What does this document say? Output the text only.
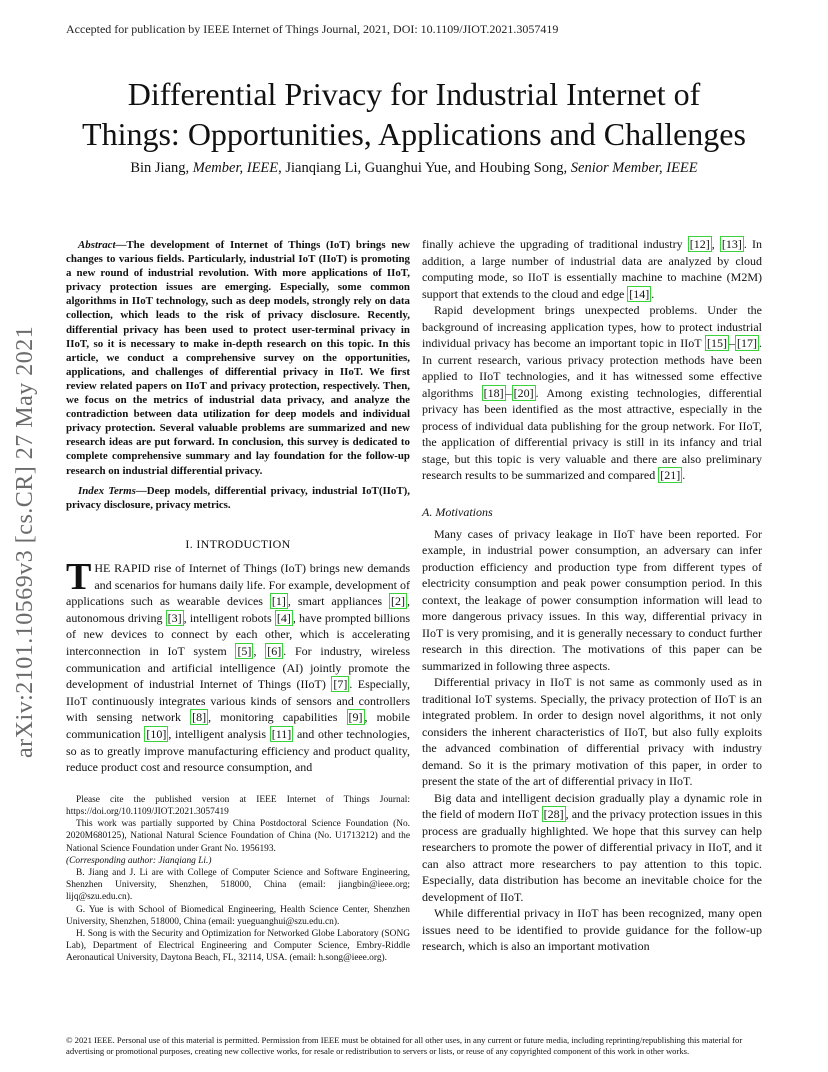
Accepted for publication by IEEE Internet of Things Journal, 2021, DOI: 10.1109/JIOT.2021.3057419
arXiv:2101.10569v3 [cs.CR] 27 May 2021
Differential Privacy for Industrial Internet of
Things: Opportunities, Applications and Challenges
Bin Jiang, Member, IEEE, Jianqiang Li, Guanghui Yue, and Houbing Song, Senior Member, IEEE

Abstract—The development of Internet of Things (IoT) brings new changes to various fields. Particularly, industrial IoT (IIoT) is promoting a new round of industrial revolution. With more applications of IIoT, privacy protection issues are emerging. Especially, some common algorithms in IIoT technology, such as deep models, strongly rely on data collection, which leads to the risk of privacy disclosure. Recently, differential privacy has been used to protect user-terminal privacy in IIoT, so it is necessary to make in-depth research on this topic. In this article, we conduct a comprehensive survey on the opportunities, applications, and challenges of differential privacy in IIoT. We first review related papers on IIoT and privacy protection, respectively. Then, we focus on the metrics of industrial data privacy, and analyze the contradiction between data utilization for deep models and individual privacy protection. Several valuable problems are summarized and new research ideas are put forward. In conclusion, this survey is dedicated to complete comprehensive summary and lay foundation for the follow-up research on industrial differential privacy.

Index Terms—Deep models, differential privacy, industrial IoT(IIoT), privacy disclosure, privacy metrics.

I. INTRODUCTION

THE RAPID rise of Internet of Things (IoT) brings new demands and scenarios for humans daily life. For example, development of applications such as wearable devices [1] , smart appliances [2] , autonomous driving [3] , intelligent robots [4] , have prompted billions of new devices to connect by each other, which is accelerating interconnection in IoT system [5] , [6] . For industry, wireless communication and artificial intelligence (AI) jointly promote the development of industrial Internet of Things (IIoT) [7] . Especially, IIoT continuously integrates various kinds of sensors and controllers with sensing network [8] , monitoring capabilities [9] , mobile communication [10] , intelligent analysis [11] and other technologies, so as to greatly improve manufacturing efficiency and product quality, reduce product cost and resource consumption, and

Please cite the published version at IEEE Internet of Things Journal: https://doi.org/10.1109/JIOT.2021.3057419

This work was partially supported by China Postdoctoral Science Foundation (No. 2020M680125), National Natural Science Foundation of China (No. U1713212) and the National Science Foundation under Grant No. 1956193.
(Corresponding author: Jianqiang Li.)

B. Jiang and J. Li are with College of Computer Science and Software Engineering, Shenzhen University, Shenzhen, 518000, China (email: jiangbin@ieee.org; lijq@szu.edu.cn).

G. Yue is with School of Biomedical Engineering, Health Science Center, Shenzhen University, Shenzhen, 518000, China (email: yueguanghui@szu.edu.cn).

H. Song is with the Security and Optimization for Networked Globe Laboratory (SONG Lab), Department of Electrical Engineering and Computer Science, Embry-Riddle Aeronautical University, Daytona Beach, FL, 32114, USA. (email: h.song@ieee.org).

finally achieve the upgrading of traditional industry [12] , [13] . In addition, a large number of industrial data are analyzed by cloud computing mode, so IIoT is essentially machine to machine (M2M) support that extends to the cloud and edge [14] .

Rapid development brings unexpected problems. Under the background of increasing application types, how to protect industrial individual privacy has become an important topic in IIoT [15] – [17] . In current research, various privacy protection methods have been applied to IIoT technologies, and it has witnessed some effective algorithms [18] – [20] . Among existing technologies, differential privacy has been identified as the most attractive, especially in the process of individual data publishing for the group network. For IIoT, the application of differential privacy is still in its infancy and trial stage, but this topic is very valuable and there are also preliminary research results to be summarized and compared [21] .

A. Motivations

Many cases of privacy leakage in IIoT have been reported. For example, in industrial power consumption, an adversary can infer production efficiency and production type from different types of electricity consumption and peak power consumption period. In this context, the leakage of power consumption information will lead to more dangerous privacy issues. In this way, differential privacy in IIoT is very promising, and it is generally necessary to conduct further research in this direction. The motivations of this paper can be summarized in following three aspects.

Differential privacy in IIoT is not same as commonly used as in traditional IoT systems. Specially, the privacy protection of IIoT is an integrated problem. In order to design novel algorithms, it not only considers the inherent characteristics of IIoT, but also fully exploits the advanced combination of differential privacy with industry demand. So it is the primary motivation of this paper, in order to present the state of the art of differential privacy in IIoT.

Big data and intelligent decision gradually play a dynamic role in the field of modern IIoT [28] , and the privacy protection issues in this process are gradually highlighted. We hope that this survey can help researchers to promote the power of differential privacy in IIoT, and it can also attract more researchers to pay attention to this topic. Especially, data distribution has become an inevitable choice for the development of IIoT.

While differential privacy in IIoT has been recognized, many open issues need to be identified to provide guidance for the follow-up research, which is also an important motivation

© 2021 IEEE. Personal use of this material is permitted. Permission from IEEE must be obtained for all other uses, in any current or future media, including reprinting/republishing this material for advertising or promotional purposes, creating new collective works, for resale or redistribution to servers or lists, or reuse of any copyrighted component of this work in other works.
